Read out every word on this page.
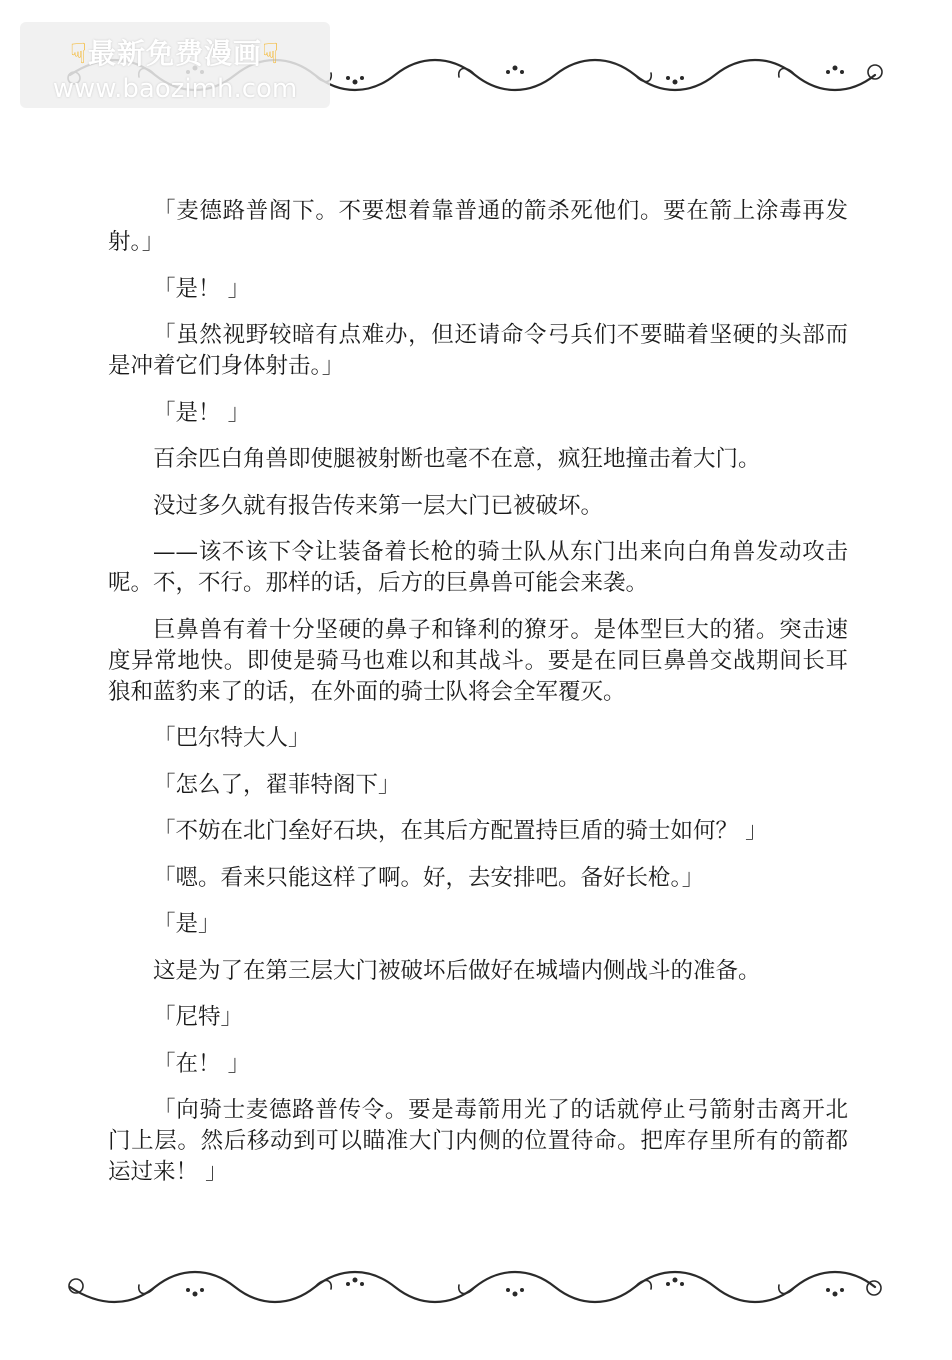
☟最新免费漫画☟
www.baozimh.com

「麦德路普阁下。不要想着靠普通的箭杀死他们。要在箭上涂毒再发射。」

「是！ 」

「虽然视野较暗有点难办，但还请命令弓兵们不要瞄着坚硬的头部而是冲着它们身体射击。」

「是！ 」

百余匹白角兽即使腿被射断也毫不在意，疯狂地撞击着大门。

没过多久就有报告传来第一层大门已被破坏。

——该不该下令让装备着长枪的骑士队从东门出来向白角兽发动攻击呢。不，不行。那样的话，后方的巨鼻兽可能会来袭。

巨鼻兽有着十分坚硬的鼻子和锋利的獠牙。是体型巨大的猪。突击速度异常地快。即使是骑马也难以和其战斗。要是在同巨鼻兽交战期间长耳狼和蓝豹来了的话，在外面的骑士队将会全军覆灭。

「巴尔特大人」

「怎么了，翟菲特阁下」

「不妨在北门垒好石块，在其后方配置持巨盾的骑士如何？ 」

「嗯。看来只能这样了啊。好，去安排吧。备好长枪。」

「是」

这是为了在第三层大门被破坏后做好在城墙内侧战斗的准备。

「尼特」

「在！ 」

「向骑士麦德路普传令。要是毒箭用光了的话就停止弓箭射击离开北门上层。然后移动到可以瞄准大门内侧的位置待命。把库存里所有的箭都运过来！ 」
